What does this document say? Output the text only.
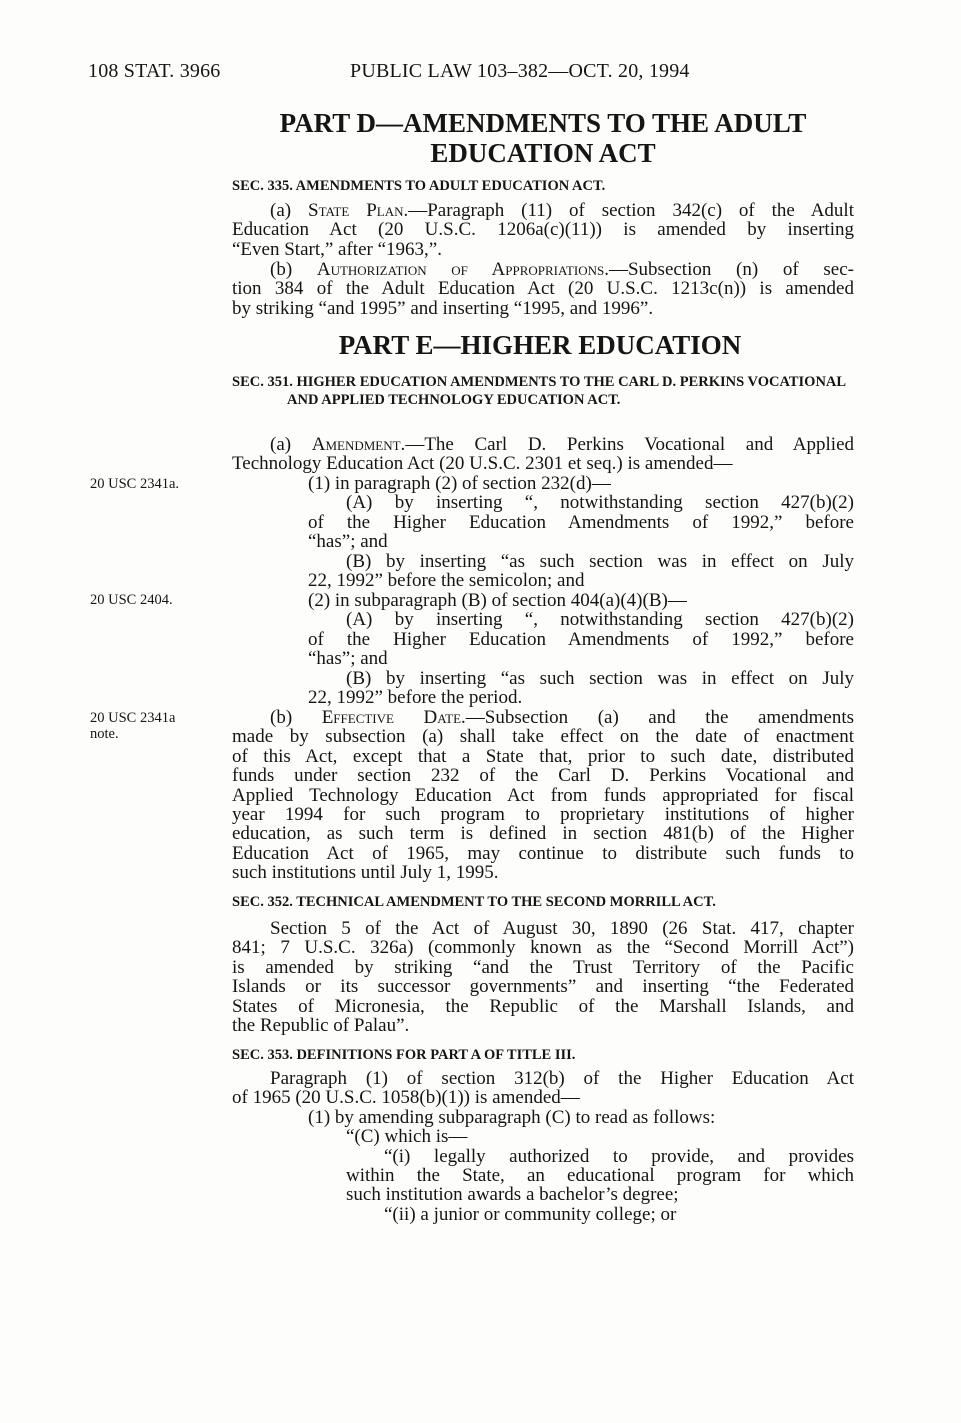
108 STAT. 3966	PUBLIC LAW 103–382—OCT. 20, 1994
PART D—AMENDMENTS TO THE ADULT
EDUCATION ACT
SEC. 335. AMENDMENTS TO ADULT EDUCATION ACT.
(a) State Plan.—Paragraph (11) of section 342(c) of the Adult
Education Act (20 U.S.C. 1206a(c)(11)) is amended by inserting
“Even Start,” after “1963,”.
(b) Authorization of Appropriations.—Subsection (n) of sec-
tion 384 of the Adult Education Act (20 U.S.C. 1213c(n)) is amended
by striking “and 1995” and inserting “1995, and 1996”.
PART E—HIGHER EDUCATION
SEC. 351. HIGHER EDUCATION AMENDMENTS TO THE CARL D. PERKINS VOCATIONAL AND APPLIED TECHNOLOGY EDUCATION ACT.
(a) Amendment.—The Carl D. Perkins Vocational and Applied
Technology Education Act (20 U.S.C. 2301 et seq.) is amended—
20 USC 2341a.	(1) in paragraph (2) of section 232(d)—
(A) by inserting “, notwithstanding section 427(b)(2)
of the Higher Education Amendments of 1992,” before
“has”; and
(B) by inserting “as such section was in effect on July
22, 1992” before the semicolon; and
20 USC 2404.	(2) in subparagraph (B) of section 404(a)(4)(B)—
(A) by inserting “, notwithstanding section 427(b)(2)
of the Higher Education Amendments of 1992,” before
“has”; and
(B) by inserting “as such section was in effect on July
22, 1992” before the period.
20 USC 2341a
note.
(b) Effective Date.—Subsection (a) and the amendments
made by subsection (a) shall take effect on the date of enactment
of this Act, except that a State that, prior to such date, distributed
funds under section 232 of the Carl D. Perkins Vocational and
Applied Technology Education Act from funds appropriated for fiscal
year 1994 for such program to proprietary institutions of higher
education, as such term is defined in section 481(b) of the Higher
Education Act of 1965, may continue to distribute such funds to
such institutions until July 1, 1995.
SEC. 352. TECHNICAL AMENDMENT TO THE SECOND MORRILL ACT.
Section 5 of the Act of August 30, 1890 (26 Stat. 417, chapter
841; 7 U.S.C. 326a) (commonly known as the “Second Morrill Act”)
is amended by striking “and the Trust Territory of the Pacific
Islands or its successor governments” and inserting “the Federated
States of Micronesia, the Republic of the Marshall Islands, and
the Republic of Palau”.
SEC. 353. DEFINITIONS FOR PART A OF TITLE III.
Paragraph (1) of section 312(b) of the Higher Education Act
of 1965 (20 U.S.C. 1058(b)(1)) is amended—
(1) by amending subparagraph (C) to read as follows:
“(C) which is—
“(i) legally authorized to provide, and provides
within the State, an educational program for which
such institution awards a bachelor’s degree;
“(ii) a junior or community college; or
